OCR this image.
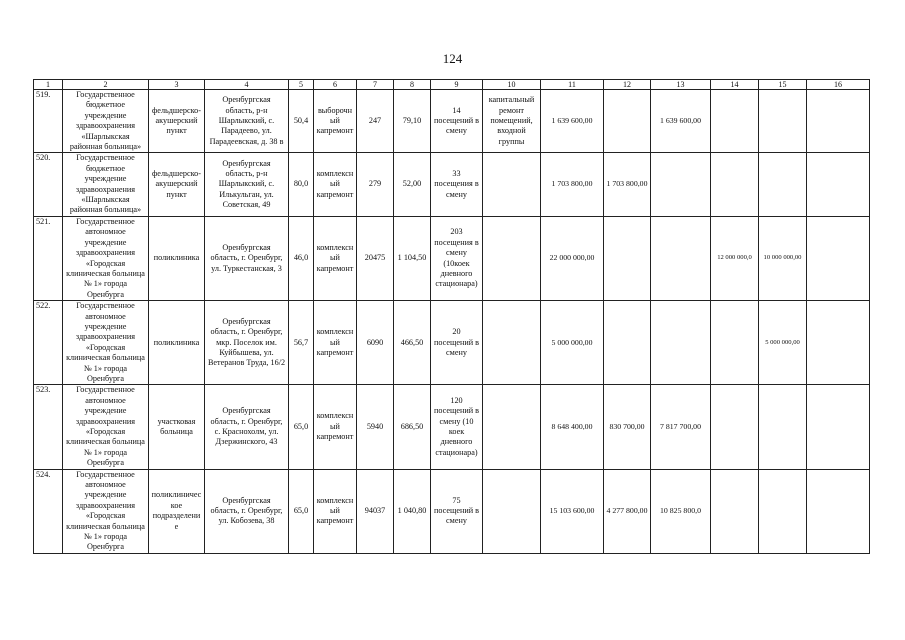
124
1	2	3	4	5	6	7	8	9	10	11	12	13	14	15	16
519.	Государственное бюджетное учреждение здравоохранения «Шарлыкская районная больница»	фельдшерско-акушерский пункт	Оренбургская область, р-н Шарлыкский, с. Парадеево, ул. Парадеевская, д. 38 в	50,4	выборочный капремонт	247	79,10	14 посещений в смену	капитальный ремонт помещений, входной группы	1 639 600,00		1 639 600,00			
520.	Государственное бюджетное учреждение здравоохранения «Шарлыкская районная больница»	фельдшерско-акушерский пункт	Оренбургская область, р-н Шарлыкский, с. Илькульган, ул. Советская, 49	80,0	комплексный капремонт	279	52,00	33 посещения в смену		1 703 800,00	1 703 800,00				
521.	Государственное автономное учреждение здравоохранения «Городская клиническая больница № 1» города Оренбурга	поликлиника	Оренбургская область, г. Оренбург, ул. Туркестанская, 3	46,0	комплексный капремонт	20475	1 104,50	203 посещения в смену (10коек дневного стационара)		22 000 000,00			12 000 000,0	10 000 000,00	
522.	Государственное автономное учреждение здравоохранения «Городская клиническая больница № 1» города Оренбурга	поликлиника	Оренбургская область, г. Оренбург, мкр. Поселок им. Куйбышева, ул. Ветеранов Труда, 16/2	56,7	комплексный капремонт	6090	466,50	20 посещений в смену		5 000 000,00				5 000 000,00	
523.	Государственное автономное учреждение здравоохранения «Городская клиническая больница № 1» города Оренбурга	участковая больница	Оренбургская область, г. Оренбург, с. Краснохолм, ул. Дзержинского, 43	65,0	комплексный капремонт	5940	686,50	120 посещений в смену (10 коек дневного стационара)		8 648 400,00	830 700,00	7 817 700,00			
524.	Государственное автономное учреждение здравоохранения «Городская клиническая больница № 1» города Оренбурга	поликлиническое подразделение	Оренбургская область, г. Оренбург, ул. Кобозева, 38	65,0	комплексный капремонт	94037	1 040,80	75 посещений в смену		15 103 600,00	4 277 800,00	10 825 800,0			
